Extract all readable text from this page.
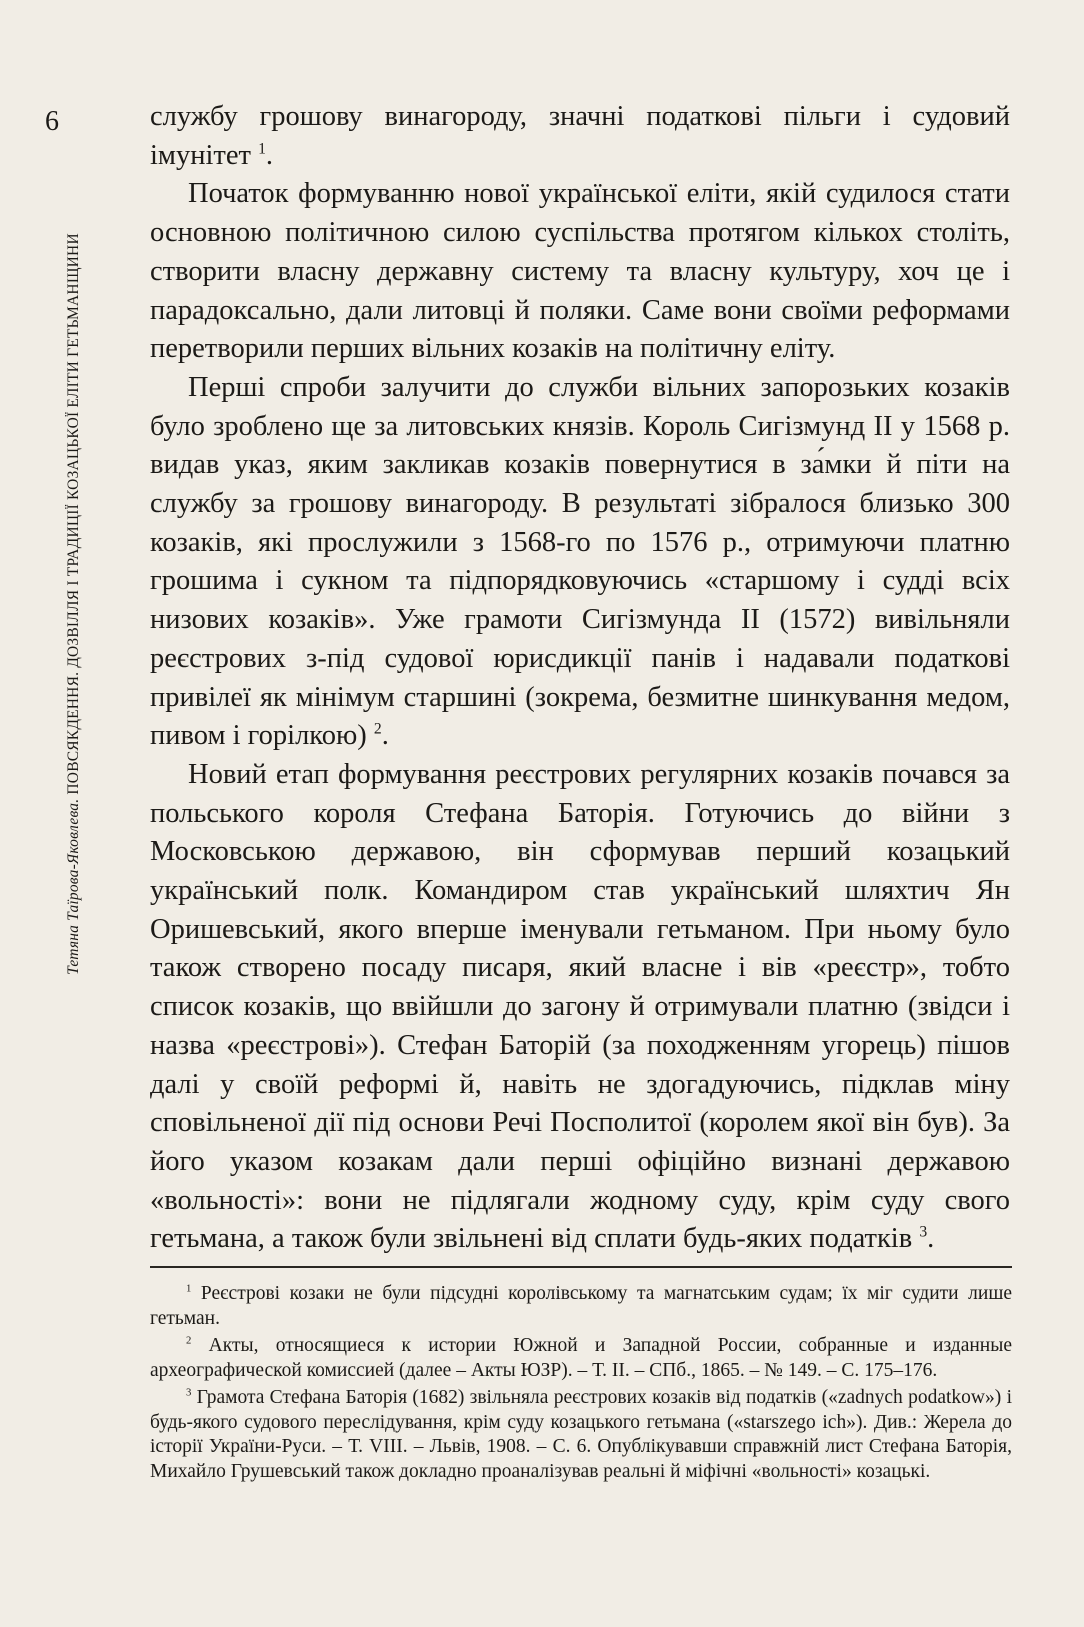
6
Тетяна Таїрова-Яковлева. ПОВСЯКДЕННЯ. ДОЗВІЛЛЯ І ТРАДИЦІЇ КОЗАЦЬКОЇ ЕЛІТИ ГЕТЬМАНЩИНИ

службу грошову винагороду, значні податкові пільги і судовий імунітет $^1$.

Початок формуванню нової української еліти, якій судилося стати основною політичною силою суспільства протягом кількох століть, створити власну державну систему та власну культуру, хоч це і парадоксально, дали литовці й поляки. Саме вони своїми реформами перетворили перших вільних козаків на політичну еліту.

Перші спроби залучити до служби вільних запорозьких козаків було зроблено ще за литовських князів. Король Сигізмунд II у 1568 р. видав указ, яким закликав козаків повернутися в за́мки й піти на службу за грошову винагороду. В результаті зібралося близько 300 козаків, які прослужили з 1568-го по 1576 р., отримуючи платню грошима і сукном та підпорядковуючись «старшому і судді всіх низових козаків». Уже грамоти Сигізмунда II (1572) вивільняли реєстрових з-під судової юрисдикції панів і надавали податкові привілеї як мінімум старшині (зокрема, безмитне шинкування медом, пивом і горілкою) $^2$.

Новий етап формування реєстрових регулярних козаків почався за польського короля Стефана Баторія. Готуючись до війни з Московською державою, він сформував перший козацький український полк. Командиром став український шляхтич Ян Оришевський, якого вперше іменували гетьманом. При ньому було також створено посаду писаря, який власне і вів «реєстр», тобто список козаків, що ввійшли до загону й отримували платню (звідси і назва «реєстрові»). Стефан Баторій (за походженням угорець) пішов далі у своїй реформі й, навіть не здогадуючись, підклав міну сповільненої дії під основи Речі Посполитої (королем якої він був). За його указом козакам дали перші офіційно визнані державою «вольності»: вони не підлягали жодному суду, крім суду свого гетьмана, а також були звільнені від сплати будь-яких податків $^3$.

$^1$ Реєстрові козаки не були підсудні королівському та магнатським судам; їх міг судити лише гетьман.

$^2$ Акты, относящиеся к истории Южной и Западной России, собранные и изданные археографической комиссией (далее – Акты ЮЗР). – Т. II. – СПб., 1865. – № 149. – С. 175–176.

$^3$ Грамота Стефана Баторія (1682) звільняла реєстрових козаків від податків («zadnych podatkow») і будь-якого судового переслідування, крім суду козацького гетьмана («starszego ich»). Див.: Жерела до історії України-Руси. – Т. VIII. – Львів, 1908. – С. 6. Опублікувавши справжній лист Стефана Баторія, Михайло Грушевський також докладно проаналізував реальні й міфічні «вольності» козацькі.
